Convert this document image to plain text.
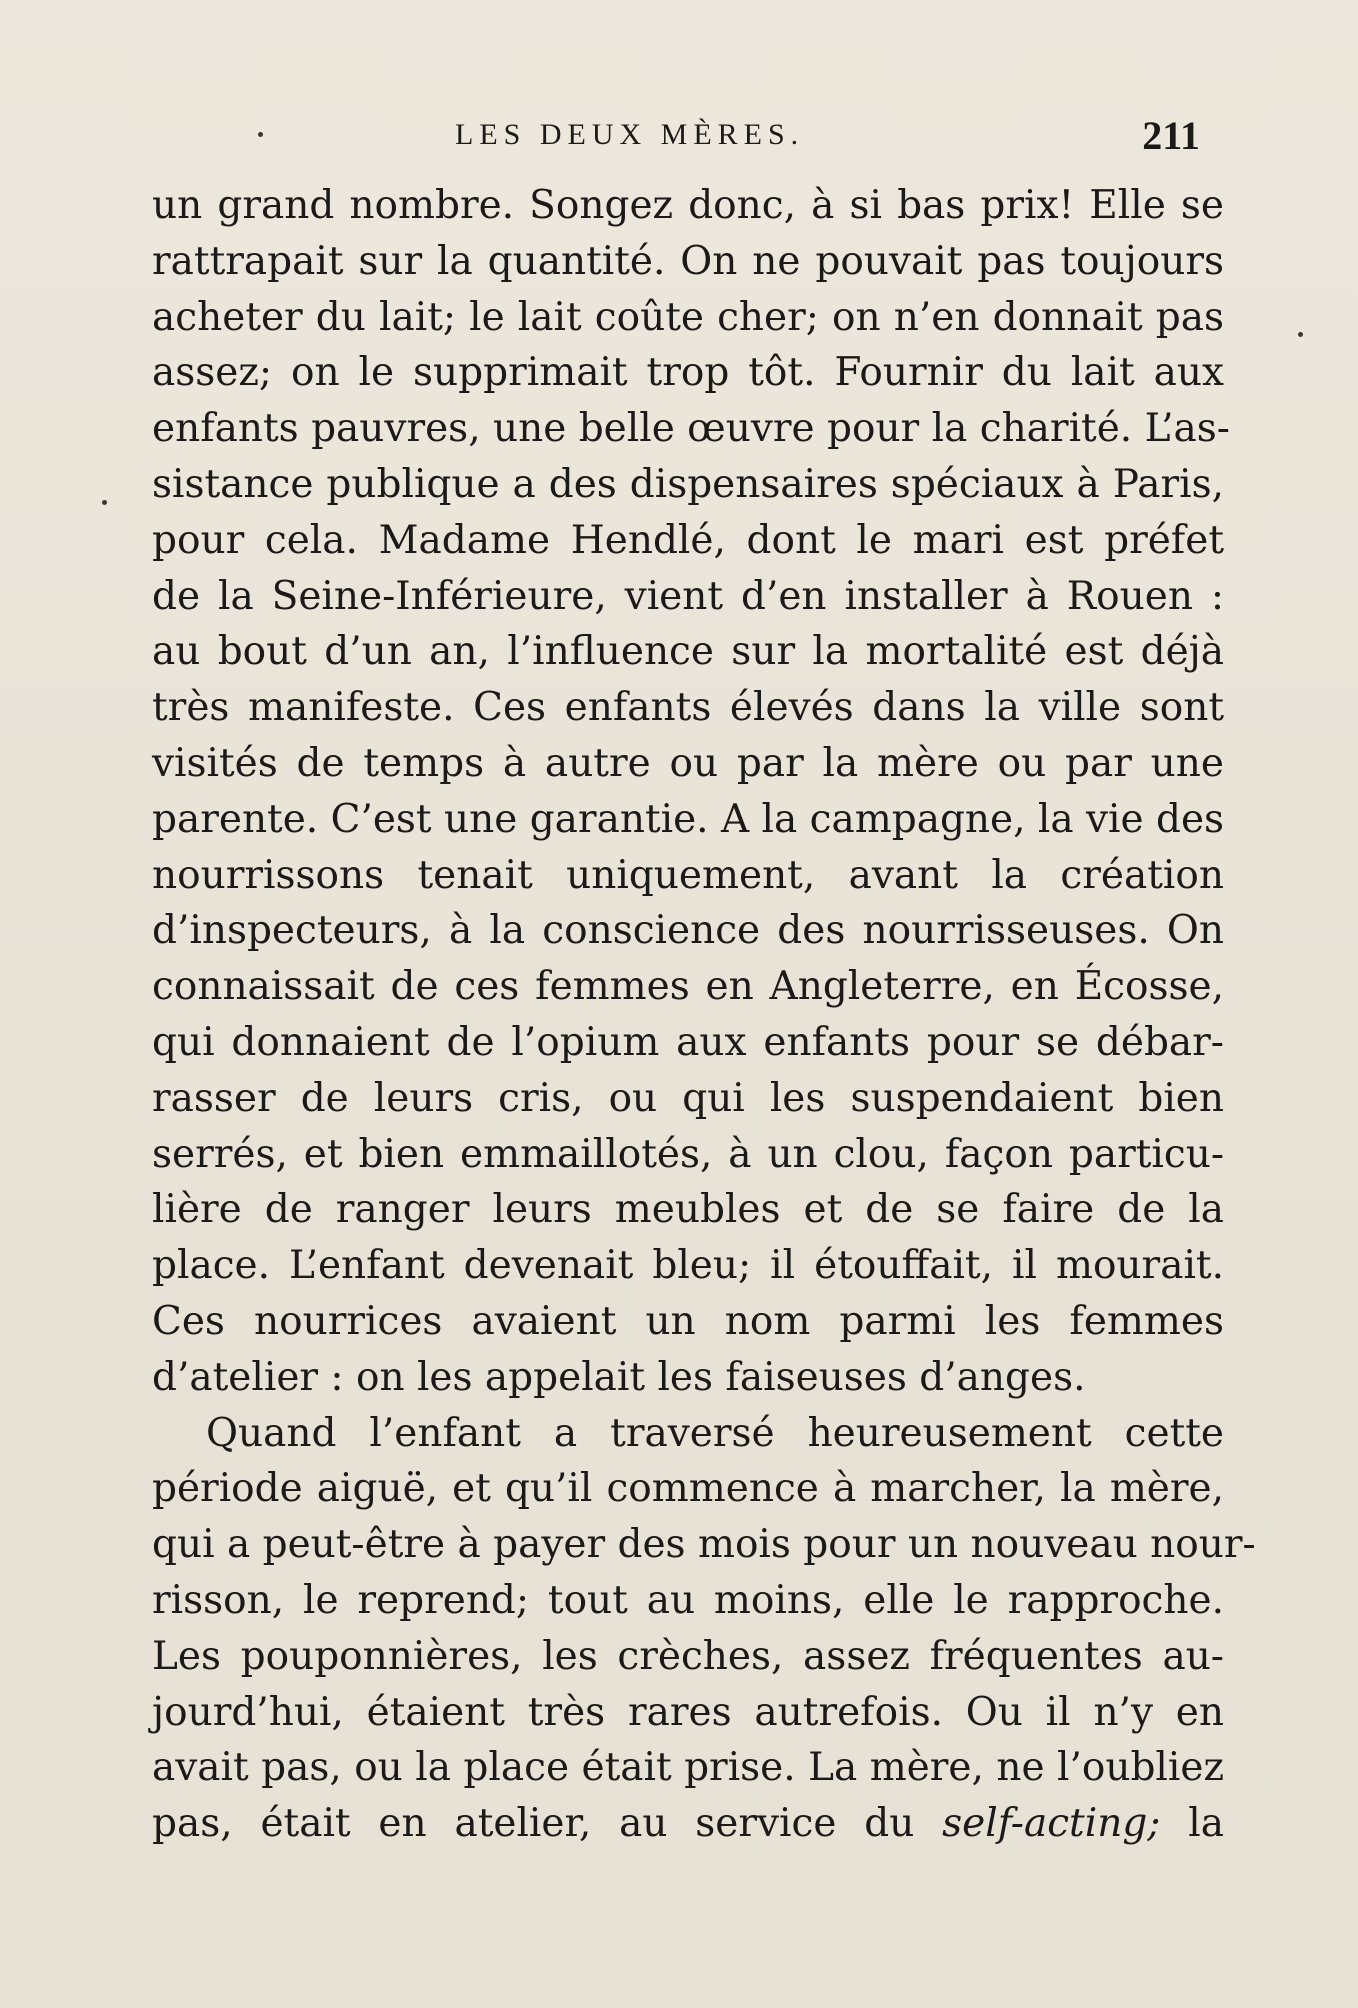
LES DEUX MÈRES.	211
un grand nombre. Songez donc, à si bas prix! Elle se
rattrapait sur la quantité. On ne pouvait pas toujours
acheter du lait; le lait coûte cher; on n’en donnait pas
assez; on le supprimait trop tôt. Fournir du lait aux
enfants pauvres, une belle œuvre pour la charité. L’as-
sistance publique a des dispensaires spéciaux à Paris,
pour cela. Madame Hendlé, dont le mari est préfet
de la Seine-Inférieure, vient d’en installer à Rouen :
au bout d’un an, l’influence sur la mortalité est déjà
très manifeste. Ces enfants élevés dans la ville sont
visités de temps à autre ou par la mère ou par une
parente. C’est une garantie. A la campagne, la vie des
nourrissons tenait uniquement, avant la création
d’inspecteurs, à la conscience des nourrisseuses. On
connaissait de ces femmes en Angleterre, en Écosse,
qui donnaient de l’opium aux enfants pour se débar-
rasser de leurs cris, ou qui les suspendaient bien
serrés, et bien emmaillotés, à un clou, façon particu-
lière de ranger leurs meubles et de se faire de la
place. L’enfant devenait bleu; il étouffait, il mourait.
Ces nourrices avaient un nom parmi les femmes
d’atelier : on les appelait les faiseuses d’anges.
Quand l’enfant a traversé heureusement cette
période aiguë, et qu’il commence à marcher, la mère,
qui a peut-être à payer des mois pour un nouveau nour-
risson, le reprend; tout au moins, elle le rapproche.
Les pouponnières, les crèches, assez fréquentes au-
jourd’hui, étaient très rares autrefois. Ou il n’y en
avait pas, ou la place était prise. La mère, ne l’oubliez
pas, était en atelier, au service du self-acting; la
